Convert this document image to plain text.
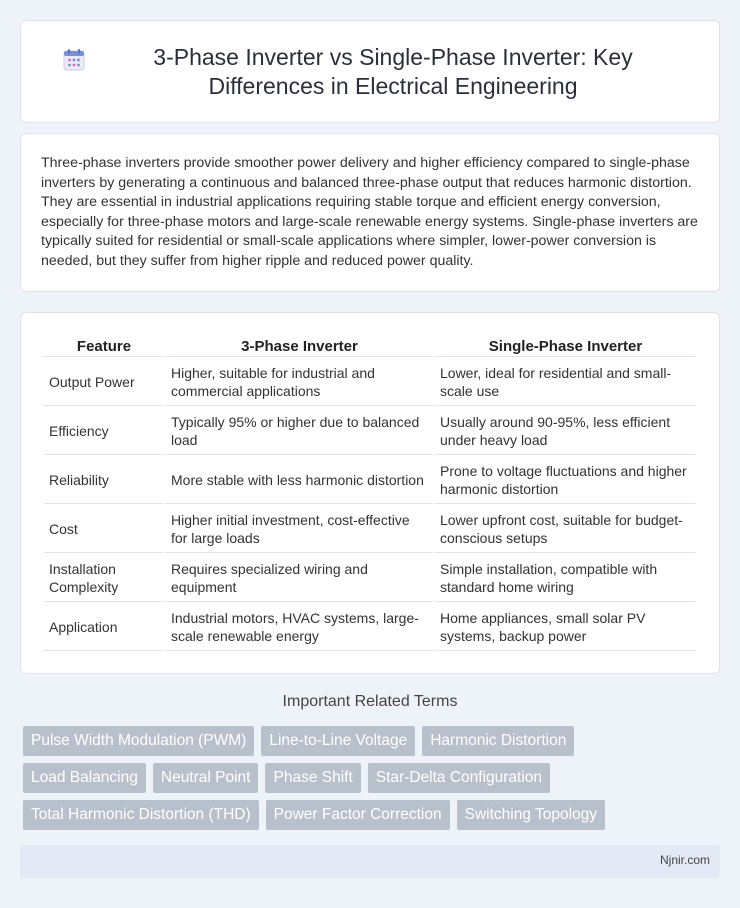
3-Phase Inverter vs Single-Phase Inverter: Key Differences in Electrical Engineering

Three-phase inverters provide smoother power delivery and higher efficiency compared to single-phase inverters by generating a continuous and balanced three-phase output that reduces harmonic distortion. They are essential in industrial applications requiring stable torque and efficient energy conversion, especially for three-phase motors and large-scale renewable energy systems. Single-phase inverters are typically suited for residential or small-scale applications where simpler, lower-power conversion is needed, but they suffer from higher ripple and reduced power quality.

Feature	3-Phase Inverter	Single-Phase Inverter
Output Power	Higher, suitable for industrial and commercial applications	Lower, ideal for residential and small-scale use
Efficiency	Typically 95% or higher due to balanced load	Usually around 90-95%, less efficient under heavy load
Reliability	More stable with less harmonic distortion	Prone to voltage fluctuations and higher harmonic distortion
Cost	Higher initial investment, cost-effective for large loads	Lower upfront cost, suitable for budget-conscious setups
Installation Complexity	Requires specialized wiring and equipment	Simple installation, compatible with standard home wiring
Application	Industrial motors, HVAC systems, large-scale renewable energy	Home appliances, small solar PV systems, backup power
Important Related Terms
Pulse Width Modulation (PWM)	Line-to-Line Voltage	Harmonic Distortion
Load Balancing	Neutral Point	Phase Shift	Star-Delta Configuration
Total Harmonic Distortion (THD)	Power Factor Correction	Switching Topology
Njnir.com
